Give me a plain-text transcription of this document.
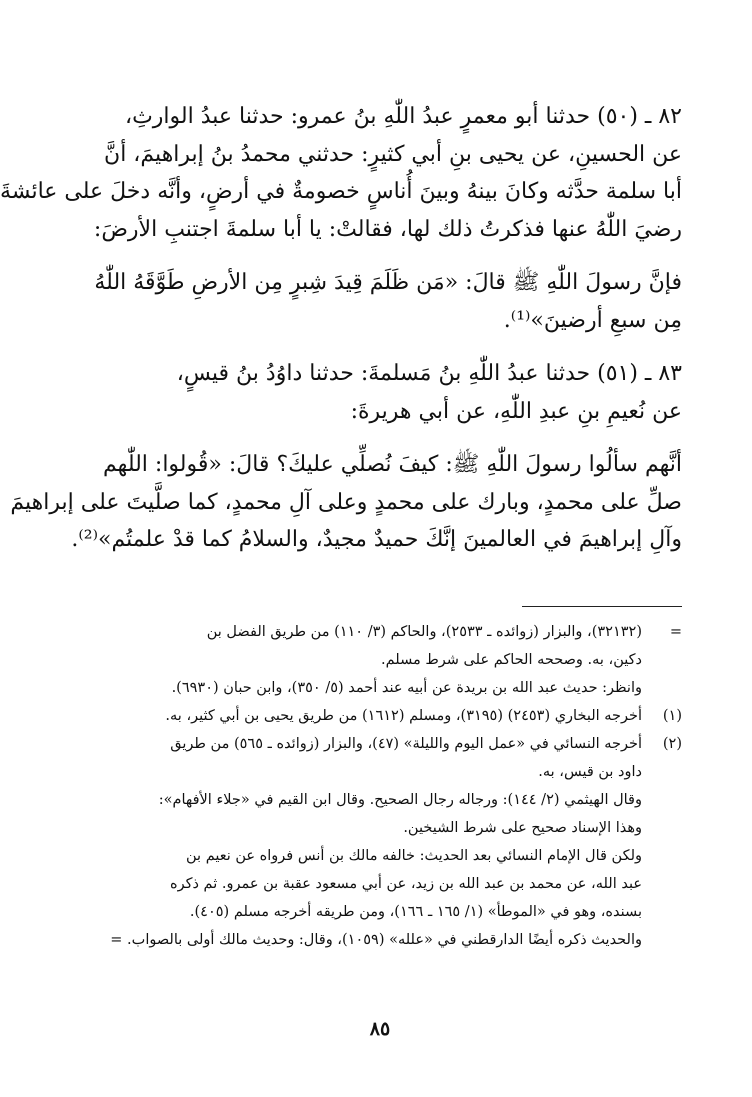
٨٢ ـ (٥٠) حدثنا أبو معمرٍ عبدُ اللّٰهِ بنُ عمرو: حدثنا عبدُ الوارثِ،
عن الحسينِ، عن يحيى بنِ أبي كثيرٍ: حدثني محمدُ بنُ إبراهيمَ، أنَّ
أبا سلمة حدَّثه وكانَ بينهُ وبينَ أُناسٍ خصومةٌ في أرضٍ، وأنَّه دخلَ على عائشةَ
رضيَ اللّٰهُ عنها فذكرتُ ذلك لها، فقالتْ: يا أبا سلمةَ اجتنبِ الأرضَ:

فإنَّ رسولَ اللّٰهِ ﷺ قالَ: «مَن ظَلَمَ قِيدَ شِبرٍ مِن الأرضِ طَوَّقَهُ اللّٰهُ
مِن سبعِ أرضينَ»⁽¹⁾.

٨٣ ـ (٥١) حدثنا عبدُ اللّٰهِ بنُ مَسلمةَ: حدثنا داوُدُ بنُ قيسٍ،
عن نُعيمِ بنِ عبدِ اللّٰهِ، عن أبي هريرةَ:

أنَّهم سألُوا رسولَ اللّٰهِ ﷺ: كيفَ نُصلِّي عليكَ؟ قالَ: «قُولوا: اللّٰهم
صلِّ على محمدٍ، وبارك على محمدٍ وعلى آلِ محمدٍ، كما صلَّيتَ على إبراهيمَ
وآلِ إبراهيمَ في العالمينَ إنَّكَ حميدٌ مجيدٌ، والسلامُ كما قدْ علمتُم»⁽²⁾.

=
(٣٢١٣٢)، والبزار (زوائده ـ ٢٥٣٣)، والحاكم (٣/ ١١٠) من طريق الفضل بن
دكين، به. وصححه الحاكم على شرط مسلم.
وانظر: حديث عبد الله بن بريدة عن أبيه عند أحمد (٥/ ٣٥٠)، وابن حبان (٦٩٣٠).
(١)
أخرجه البخاري (٢٤٥٣) (٣١٩٥)، ومسلم (١٦١٢) من طريق يحيى بن أبي كثير، به.
(٢)
أخرجه النسائي في «عمل اليوم والليلة» (٤٧)، والبزار (زوائده ـ ٥٦٥) من طريق
داود بن قيس، به.
وقال الهيثمي (٢/ ١٤٤): ورجاله رجال الصحيح. وقال ابن القيم في «جلاء الأفهام»:
وهذا الإسناد صحيح على شرط الشيخين.
ولكن قال الإمام النسائي بعد الحديث: خالفه مالك بن أنس فرواه عن نعيم بن
عبد الله، عن محمد بن عبد الله بن زيد، عن أبي مسعود عقبة بن عمرو. ثم ذكره
بسنده، وهو في «الموطأ» (١/ ١٦٥ ـ ١٦٦)، ومن طريقه أخرجه مسلم (٤٠٥).
والحديث ذكره أيضًا الدارقطني في «علله» (١٠٥٩)، وقال: وحديث مالك أولى بالصواب. =
٨٥
